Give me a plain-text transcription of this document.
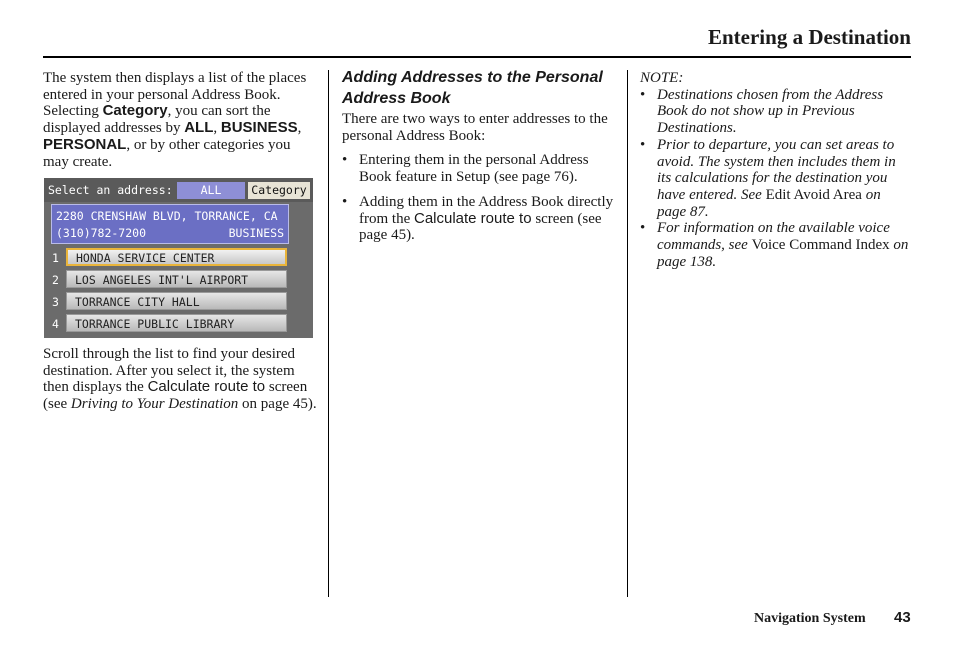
Entering a Destination

The system then displays a list of the places entered in your personal Address Book. Selecting Category, you can sort the displayed addresses by ALL, BUSINESS, PERSONAL, or by other categories you may create.

Select an address:	ALL	Category
2280 CRENSHAW BLVD, TORRANCE, CA
(310)782-7200	BUSINESS
1	HONDA SERVICE CENTER
2	LOS ANGELES INT'L AIRPORT
3	TORRANCE CITY HALL
4	TORRANCE PUBLIC LIBRARY

Scroll through the list to find your desired destination. After you select it, the system then displays the Calculate route to screen (see Driving to Your Destination on page 45).

Adding Addresses to the Personal Address Book

There are two ways to enter addresses to the personal Address Book:

• Entering them in the personal Address Book feature in Setup (see page 76).
• Adding them in the Address Book directly from the Calculate route to screen (see page 45).

NOTE:

• Destinations chosen from the Address Book do not show up in Previous Destinations.
• Prior to departure, you can set areas to avoid. The system then includes them in its calculations for the destination you have entered. See Edit Avoid Area on page 87.
• For information on the available voice commands, see Voice Command Index on page 138.
Navigation System 43
